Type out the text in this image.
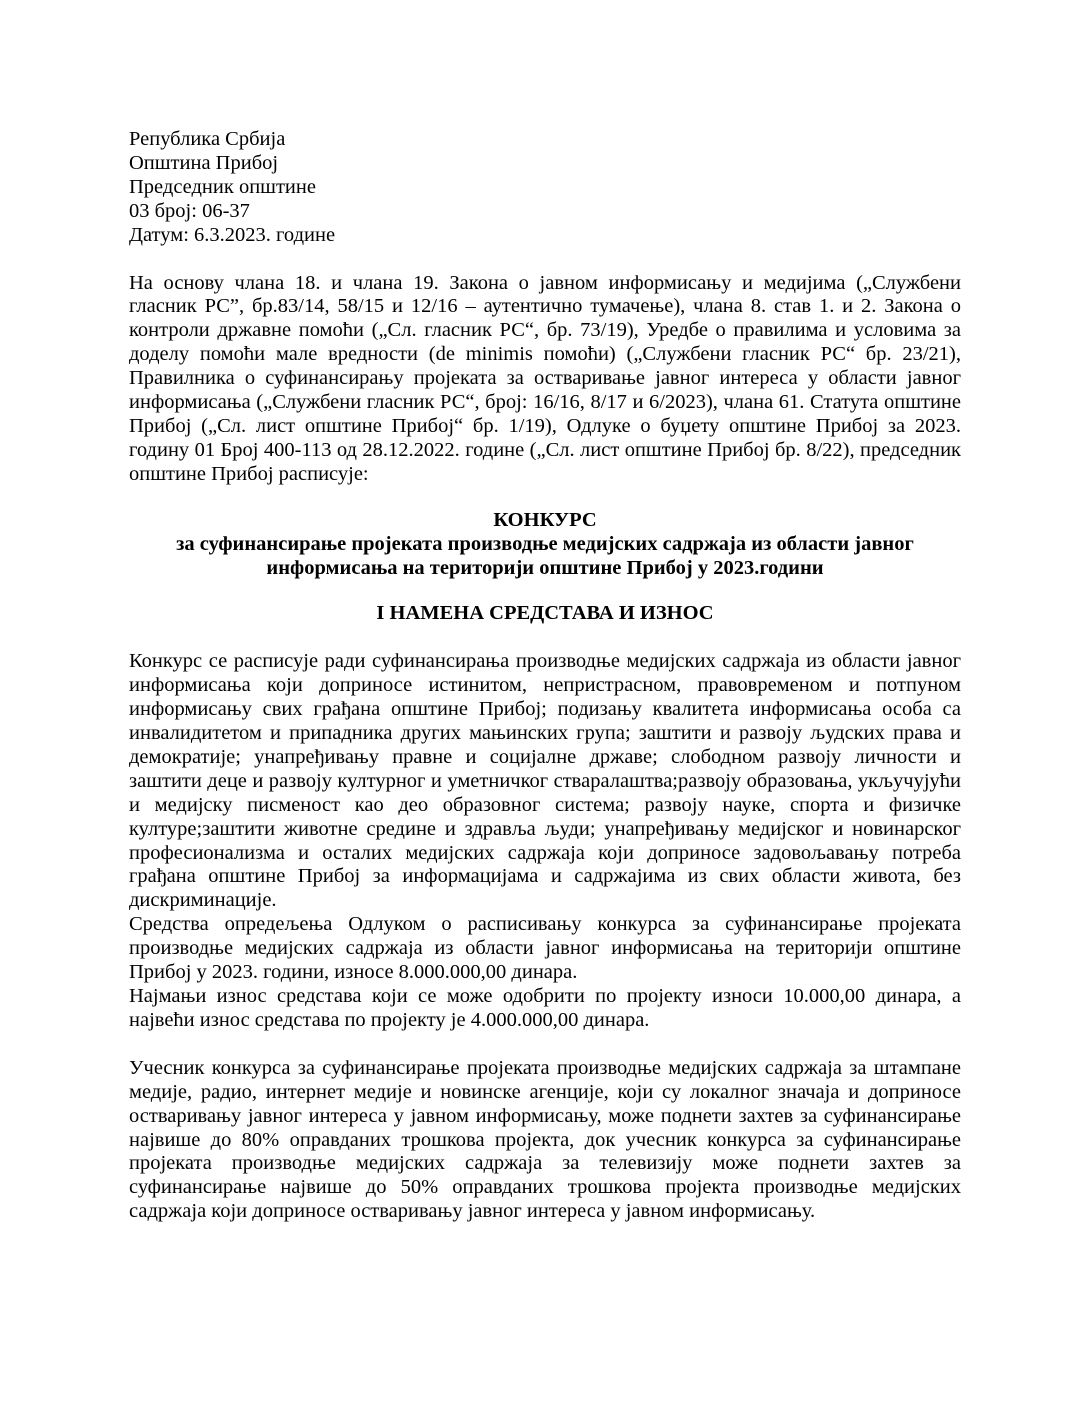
Република Србија
Општина Прибој
Председник општине
03 број: 06-37
Датум: 6.3.2023. године

На основу члана 18. и члана 19. Закона о јавном информисању и медијима („Службени гласник РС”, бр.83/14, 58/15 и 12/16 – аутентично тумачење), члана 8. став 1. и 2. Закона о контроли државне помоћи („Сл. гласник РС“, бр. 73/19), Уредбе о правилима и условима за доделу помоћи мале вредности (de minimis помоћи) („Службени гласник РС“ бр. 23/21), Правилника о суфинансирању пројеката за остваривање јавног интереса у области јавног информисања („Службени гласник РС“, број: 16/16, 8/17 и 6/2023), члана 61. Статута општине Прибој („Сл. лист општине Прибој“ бр. 1/19), Одлуке о буџету општине Прибој за 2023. годину 01 Број 400-113 од 28.12.2022. године („Сл. лист општине Прибој бр. 8/22), председник општине Прибој расписује:

КОНКУРС

за суфинансирање пројеката производње медијских садржаја из области јавног

информисања на територији општине Прибој у 2023.години

I НАМЕНА СРЕДСТАВА И ИЗНОС

Конкурс се расписује ради суфинансирања производње медијских садржаја из области јавног информисања који доприносе истинитом, непристрасном, правовременом и потпуном информисању свих грађана општине Прибој; подизању квалитета информисања особа са инвалидитетом и припадника других мањинских група; заштити и развоју људских права и демократије; унапређивању правне и социјалне државе; слободном развоју личности и заштити деце и развоју културног и уметничког стваралаштва;развоју образовања, укључујући и медијску писменост као део образовног система; развоју науке, спорта и физичке културе;заштити животне средине и здравља људи; унапређивању медијског и новинарског професионализма и осталих медијских садржаја који доприносе задовољавању потреба грађана општине Прибој за информацијама и садржајима из свих области живота, без дискриминације.

Средства опредељења Одлуком о расписивању конкурса за суфинансирање пројеката производње медијских садржаја из области јавног информисања на територији општине Прибој у 2023. години, износе 8.000.000,00 динара.

Најмањи износ средстава који се може одобрити по пројекту износи 10.000,00 динара, а највећи износ средстава по пројекту је 4.000.000,00 динара.

Учесник конкурса за суфинансирање пројеката производње медијских садржаја за штампане медије, радио, интернет медије и новинске агенције, који су локалног значаја и доприносе остваривању јавног интереса у јавном информисању, може поднети захтев за суфинансирање највише до 80% оправданих трошкова пројекта, док учесник конкурса за суфинансирање пројеката производње медијских садржаја за телевизију може поднети захтев за суфинансирање највише до 50% оправданих трошкова пројекта производње медијских садржаја који доприносе остваривању јавног интереса у јавном информисању.
